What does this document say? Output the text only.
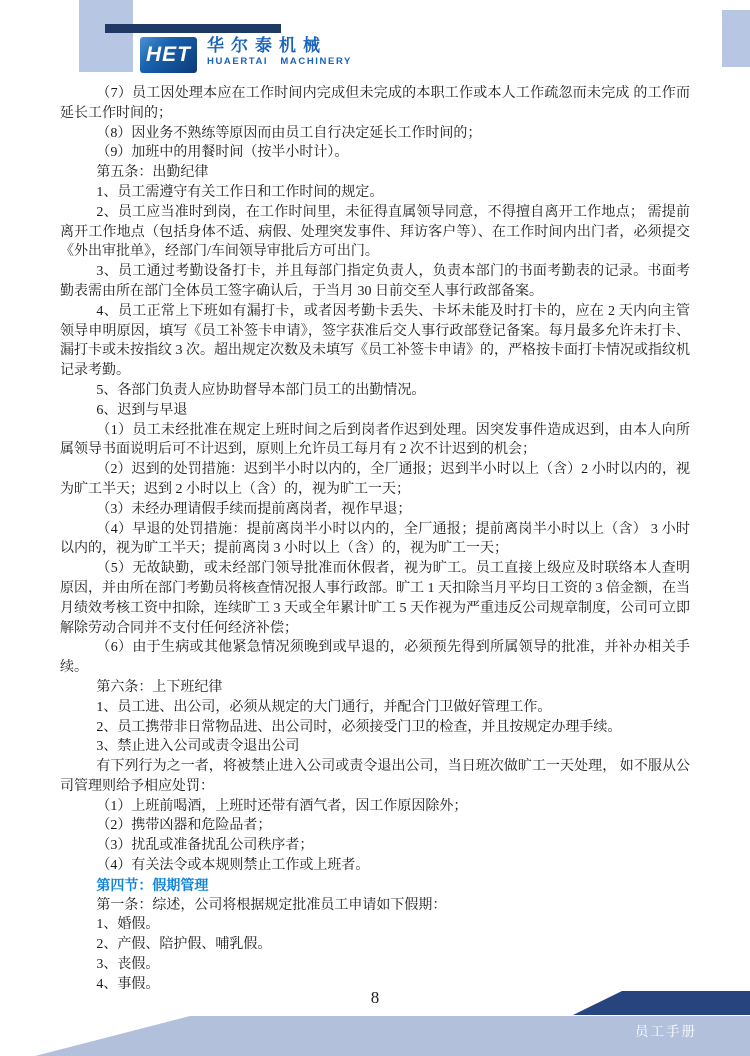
HET 华尔泰机械
HUAERTAI MACHINERY

（7）员工因处理本应在工作时间内完成但未完成的本职工作或本人工作疏忽而未完成 的工作而延长工作时间的；

（8）因业务不熟练等原因而由员工自行决定延长工作时间的；

（9）加班中的用餐时间（按半小时计）。

第五条：出勤纪律

1、员工需遵守有关工作日和工作时间的规定。

2、员工应当准时到岗，在工作时间里，未征得直属领导同意，不得擅自离开工作地点； 需提前离开工作地点（包括身体不适、病假、处理突发事件、拜访客户等）、在工作时间内出门者，必须提交《外出审批单》，经部门/车间领导审批后方可出门。

3、员工通过考勤设备打卡，并且每部门指定负责人，负责本部门的书面考勤表的记录。书面考勤表需由所在部门全体员工签字确认后，于当月 30 日前交至人事行政部备案。

4、员工正常上下班如有漏打卡，或者因考勤卡丢失、卡坏未能及时打卡的，应在 2 天内向主管领导申明原因，填写《员工补签卡申请》，签字获准后交人事行政部登记备案。每月最多允许未打卡、漏打卡或未按指纹 3 次。超出规定次数及未填写《员工补签卡申请》的，严格按卡面打卡情况或指纹机记录考勤。

5、各部门负责人应协助督导本部门员工的出勤情况。

6、迟到与早退

（1）员工未经批准在规定上班时间之后到岗者作迟到处理。因突发事件造成迟到，由本人向所属领导书面说明后可不计迟到，原则上允许员工每月有 2 次不计迟到的机会；

（2）迟到的处罚措施：迟到半小时以内的，全厂通报；迟到半小时以上（含）2 小时以内的，视为旷工半天；迟到 2 小时以上（含）的，视为旷工一天；

（3）未经办理请假手续而提前离岗者，视作早退；

（4）早退的处罚措施：提前离岗半小时以内的，全厂通报；提前离岗半小时以上（含） 3 小时以内的，视为旷工半天；提前离岗 3 小时以上（含）的，视为旷工一天；

（5）无故缺勤，或未经部门领导批准而休假者，视为旷工。员工直接上级应及时联络本人查明原因，并由所在部门考勤员将核查情况报人事行政部。旷工 1 天扣除当月平均日工资的 3 倍金额，在当月绩效考核工资中扣除，连续旷工 3 天或全年累计旷工 5 天作视为严重违反公司规章制度，公司可立即解除劳动合同并不支付任何经济补偿；

（6）由于生病或其他紧急情况须晚到或早退的，必须预先得到所属领导的批准，并补办相关手续。

第六条：上下班纪律

1、员工进、出公司，必须从规定的大门通行，并配合门卫做好管理工作。

2、员工携带非日常物品进、出公司时，必须接受门卫的检查，并且按规定办理手续。

3、禁止进入公司或责令退出公司

有下列行为之一者，将被禁止进入公司或责令退出公司，当日班次做旷工一天处理， 如不服从公司管理则给予相应处罚：

（1）上班前喝酒，上班时还带有酒气者，因工作原因除外；

（2）携带凶器和危险品者；

（3）扰乱或准备扰乱公司秩序者；

（4）有关法令或本规则禁止工作或上班者。

第四节：假期管理

第一条：综述，公司将根据规定批准员工申请如下假期：

1、婚假。

2、产假、陪护假、哺乳假。

3、丧假。

4、事假。

8
员工手册
